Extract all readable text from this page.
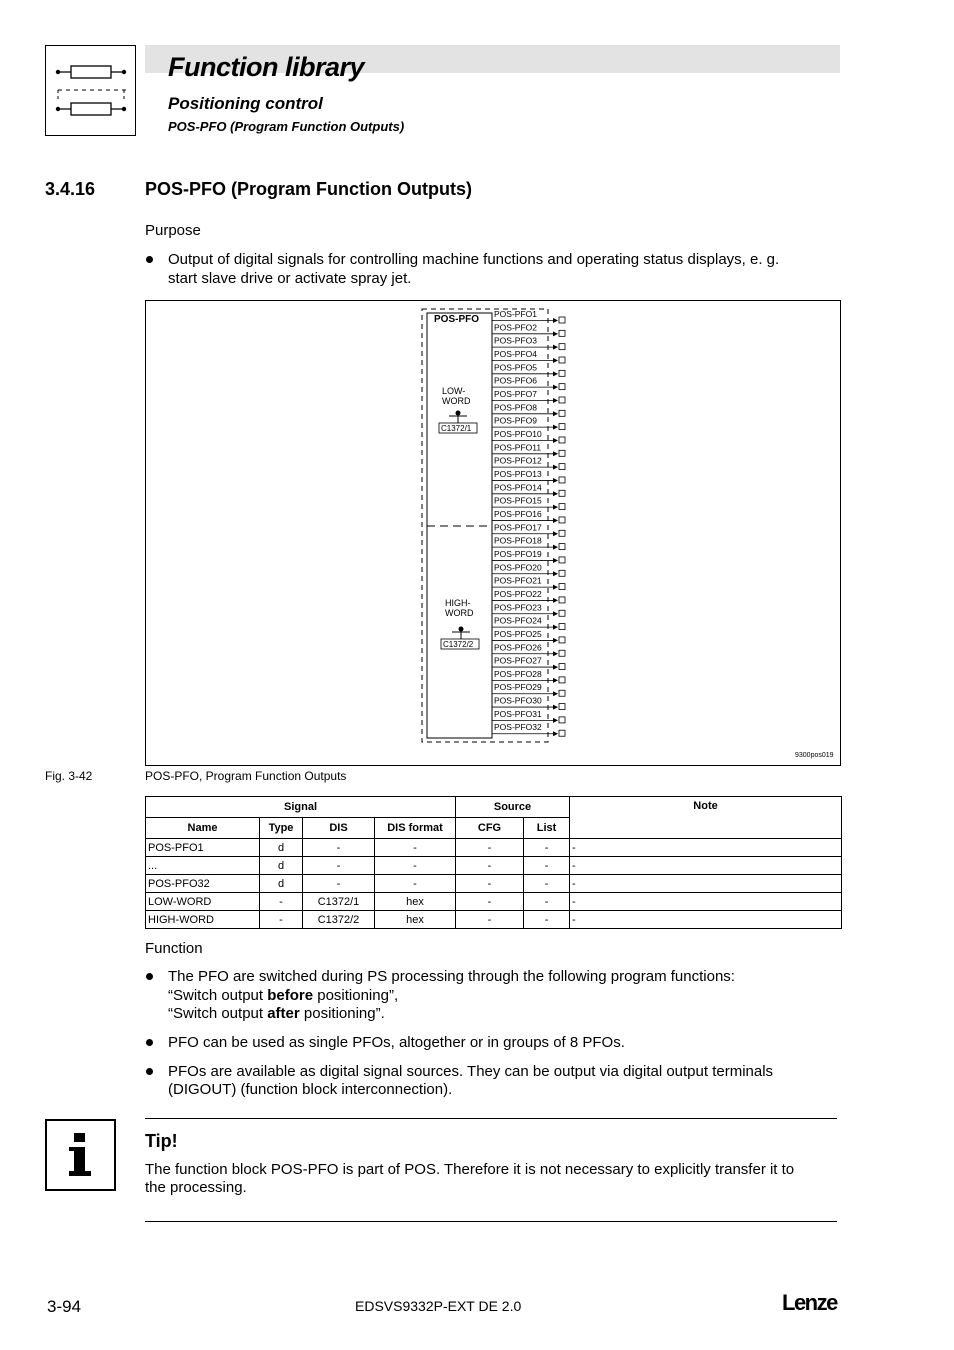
Function library
Positioning control
POS-PFO (Program Function Outputs)
3.4.16	POS-PFO (Program Function Outputs)
Purpose
Output of digital signals for controlling machine functions and operating status displays, e. g.
start slave drive or activate spray jet.
POS-PFO
LOW-
WORD
C1372/1
HIGH-
WORD
C1372/2
POS-PFO1
POS-PFO2
POS-PFO3
POS-PFO4
POS-PFO5
POS-PFO6
POS-PFO7
POS-PFO8
POS-PFO9
POS-PFO10
POS-PFO11
POS-PFO12
POS-PFO13
POS-PFO14
POS-PFO15
POS-PFO16
POS-PFO17
POS-PFO18
POS-PFO19
POS-PFO20
POS-PFO21
POS-PFO22
POS-PFO23
POS-PFO24
POS-PFO25
POS-PFO26
POS-PFO27
POS-PFO28
POS-PFO29
POS-PFO30
POS-PFO31
POS-PFO32
9300pos019
Fig. 3-42	POS-PFO, Program Function Outputs
Signal				Source		Note
Name	Type	DIS	DIS format	CFG	List	
POS-PFO1	d	-	-	-	-	-
...	d	-	-	-	-	-
POS-PFO32	d	-	-	-	-	-
LOW-WORD	-	C1372/1	hex	-	-	-
HIGH-WORD	-	C1372/2	hex	-	-	-
Function
The PFO are switched during PS processing through the following program functions:
“Switch output before positioning”,
“Switch output after positioning”.
PFO can be used as single PFOs, altogether or in groups of 8 PFOs.
PFOs are available as digital signal sources. They can be output via digital output terminals
(DIGOUT) (function block interconnection).
Tip!
The function block POS-PFO is part of POS. Therefore it is not necessary to explicitly transfer it to
the processing.
3-94	EDSVS9332P-EXT DE 2.0	Lenze
